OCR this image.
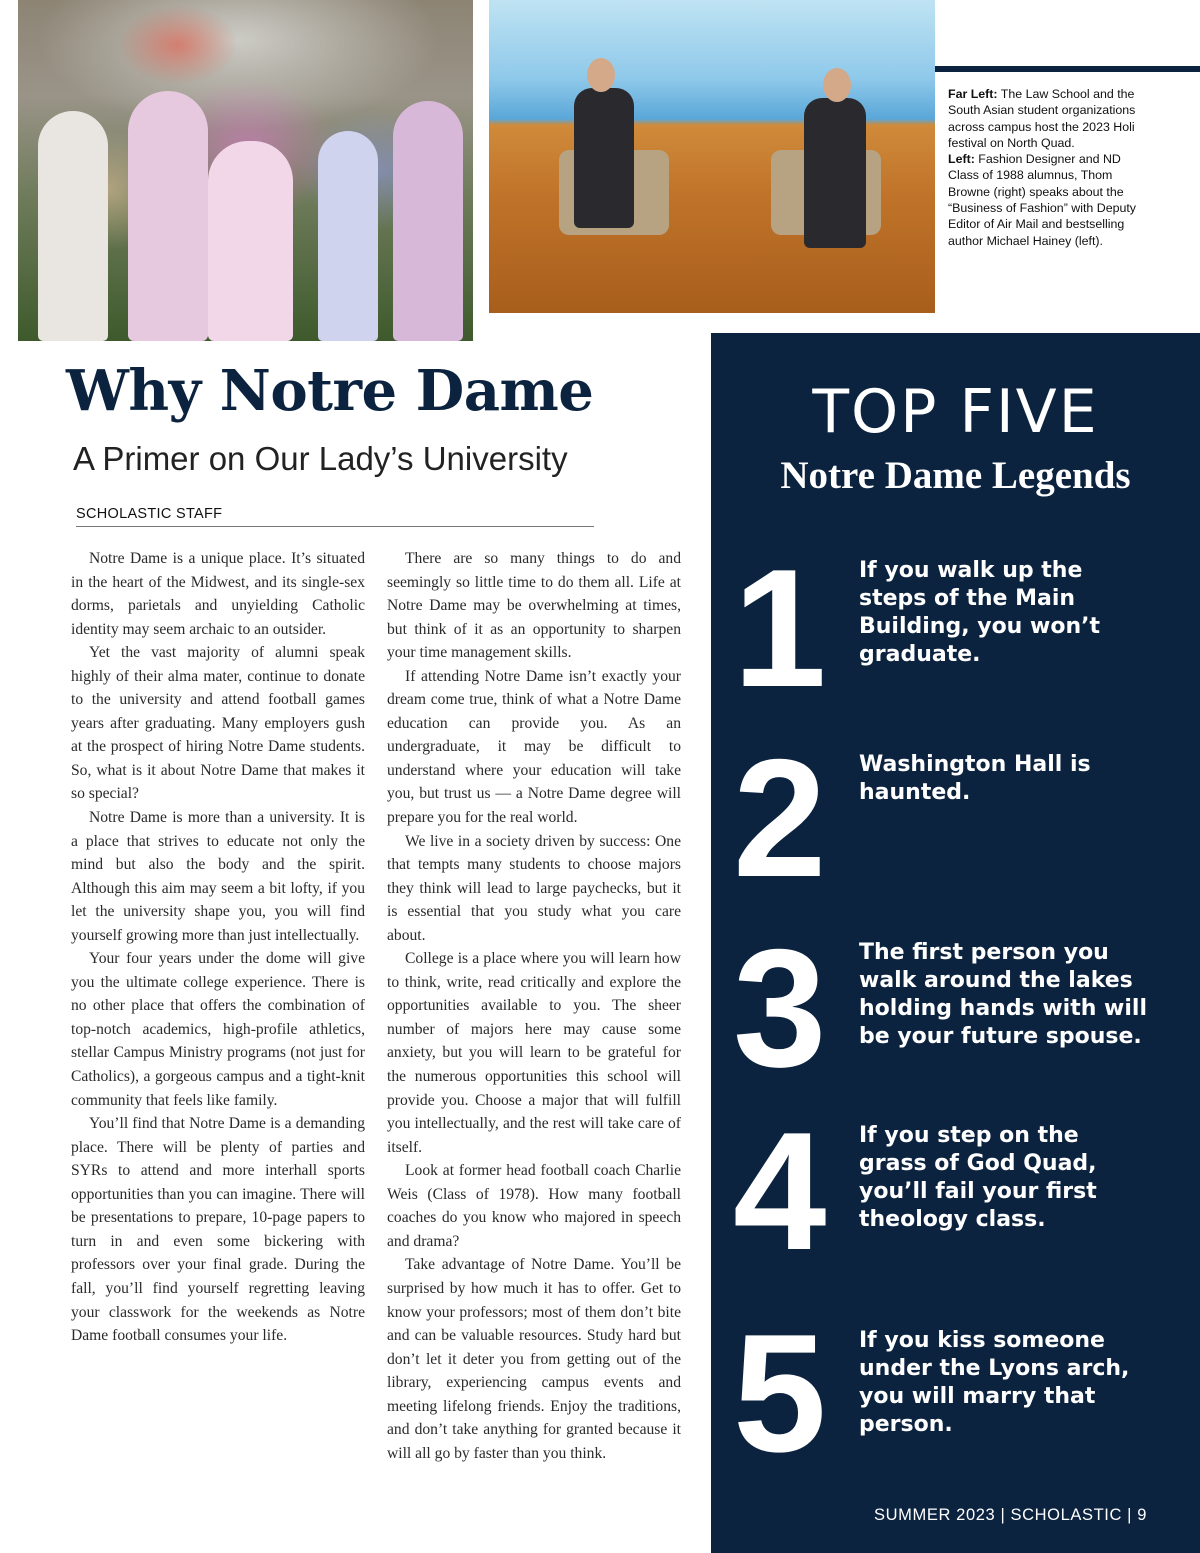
Far Left: The Law School and the South Asian student organizations across campus host the 2023 Holi festival on North Quad.
Left: Fashion Designer and ND Class of 1988 alumnus, Thom Browne (right) speaks about the “Business of Fashion” with Deputy Editor of Air Mail and bestselling author Michael Hainey (left).
Why Notre Dame
A Primer on Our Lady’s University
SCHOLASTIC STAFF

Notre Dame is a unique place. It’s situated in the heart of the Midwest, and its single-sex dorms, parietals and unyielding Catholic identity may seem archaic to an outsider.

Yet the vast majority of alumni speak highly of their alma mater, continue to donate to the university and attend football games years after graduating. Many employers gush at the prospect of hiring Notre Dame students. So, what is it about Notre Dame that makes it so special?

Notre Dame is more than a university. It is a place that strives to educate not only the mind but also the body and the spirit. Although this aim may seem a bit lofty, if you let the university shape you, you will find yourself growing more than just intellectually.

Your four years under the dome will give you the ultimate college experience. There is no other place that offers the combination of top-notch academics, high-profile athletics, stellar Campus Ministry programs (not just for Catholics), a gorgeous campus and a tight-knit community that feels like family.

You’ll find that Notre Dame is a demanding place. There will be plenty of parties and SYRs to attend and more interhall sports opportunities than you can imagine. There will be presentations to prepare, 10-page papers to turn in and even some bickering with professors over your final grade. During the fall, you’ll find yourself regretting leaving your classwork for the weekends as Notre Dame football consumes your life.

There are so many things to do and seemingly so little time to do them all. Life at Notre Dame may be overwhelming at times, but think of it as an opportunity to sharpen your time management skills.

If attending Notre Dame isn’t exactly your dream come true, think of what a Notre Dame education can provide you. As an undergraduate, it may be difficult to understand where your education will take you, but trust us — a Notre Dame degree will prepare you for the real world.

We live in a society driven by success: One that tempts many students to choose majors they think will lead to large paychecks, but it is essential that you study what you care about.

College is a place where you will learn how to think, write, read critically and explore the opportunities available to you. The sheer number of majors here may cause some anxiety, but you will learn to be grateful for the numerous opportunities this school will provide you. Choose a major that will fulfill you intellectually, and the rest will take care of itself.

Look at former head football coach Charlie Weis (Class of 1978). How many football coaches do you know who majored in speech and drama?

Take advantage of Notre Dame. You’ll be surprised by how much it has to offer. Get to know your professors; most of them don’t bite and can be valuable resources. Study hard but don’t let it deter you from getting out of the library, experiencing campus events and meeting lifelong friends. Enjoy the traditions, and don’t take anything for granted because it will all go by faster than you think.

TOP FIVE
Notre Dame Legends
1	If you walk up the steps of the Main Building, you won’t graduate.
2	Washington Hall is haunted.
3	The first person you walk around the lakes holding hands with will be your future spouse.
4	If you step on the grass of God Quad, you’ll fail your first theology class.
5	If you kiss someone under the Lyons arch, you will marry that person.
SUMMER 2023 | SCHOLASTIC | 9
